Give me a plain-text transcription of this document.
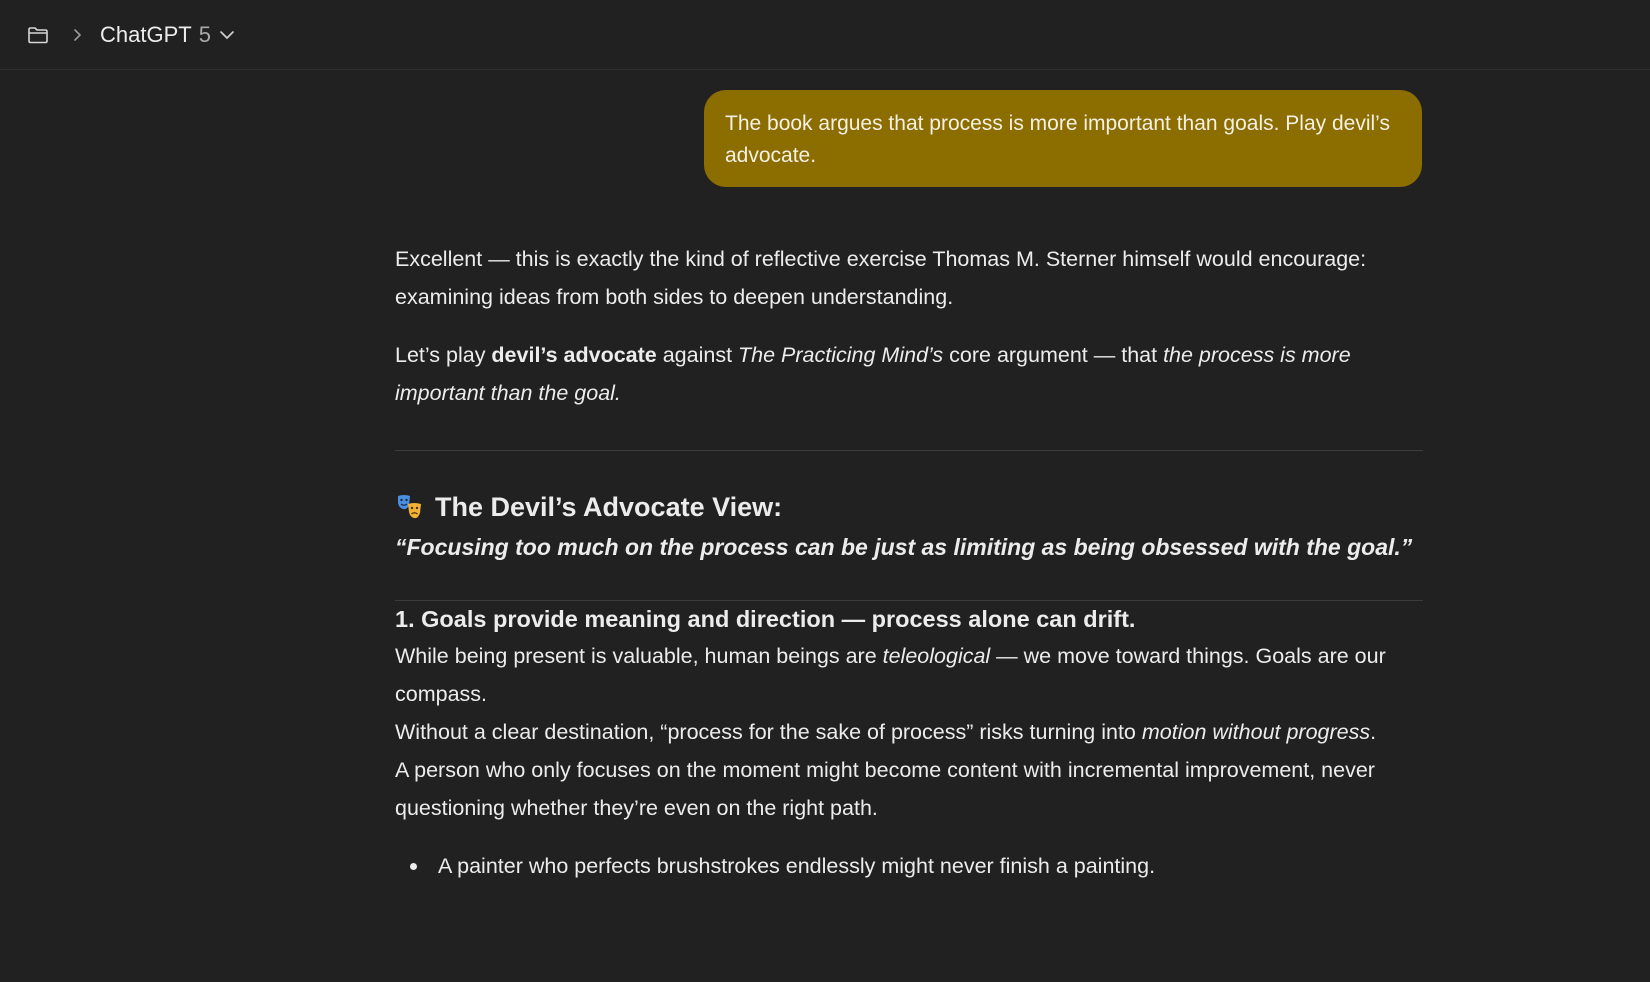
ChatGPT 5
The book argues that process is more important than goals. Play devil’s advocate.

Excellent — this is exactly the kind of reflective exercise Thomas M. Sterner himself would encourage: examining ideas from both sides to deepen understanding.

Let’s play devil’s advocate against The Practicing Mind’s core argument — that the process is more important than the goal.

The Devil’s Advocate View:

“Focusing too much on the process can be just as limiting as being obsessed with the goal.”

1. Goals provide meaning and direction — process alone can drift.

While being present is valuable, human beings are teleological — we move toward things. Goals are our compass.
Without a clear destination, “process for the sake of process” risks turning into motion without progress.

A person who only focuses on the moment might become content with incremental improvement, never questioning whether they’re even on the right path.

A painter who perfects brushstrokes endlessly might never finish a painting.
